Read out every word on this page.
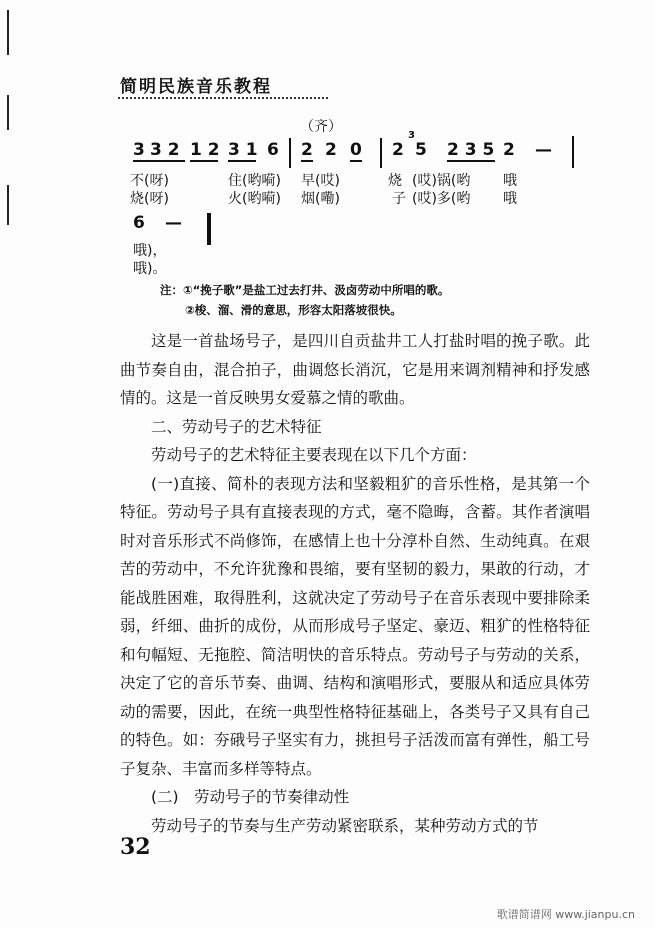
简明民族音乐教程
（齐）
3 3 2 1 2 3 1 6 2 2 0 2
3
5 2 3 5 2 —
不(呀)	住(哟嗬) 早(哎)	烧 (哎)锅(哟 哦
烧(呀)	火(哟嗬) 烟(嘞)	子 (哎)多(哟 哦
6 —
哦)，
哦)。
注：①“挽子歌”是盐工过去打井、汲卤劳动中所唱的歌。
②梭、溜、滑的意思，形容太阳落坡很快。

这是一首盐场号子，是四川自贡盐井工人打盐时唱的挽子歌。此曲节奏自由，混合拍子，曲调悠长消沉，它是用来调剂精神和抒发感情的。这是一首反映男女爱慕之情的歌曲。

二、劳动号子的艺术特征

劳动号子的艺术特征主要表现在以下几个方面：

(一)直接、简朴的表现方法和坚毅粗犷的音乐性格，是其第一个特征。劳动号子具有直接表现的方式，毫不隐晦，含蓄。其作者演唱时对音乐形式不尚修饰，在感情上也十分淳朴自然、生动纯真。在艰苦的劳动中，不允许犹豫和畏缩，要有坚韧的毅力，果敢的行动，才能战胜困难，取得胜利，这就决定了劳动号子在音乐表现中要排除柔弱，纤细、曲折的成份，从而形成号子坚定、豪迈、粗犷的性格特征和句幅短、无拖腔、简洁明快的音乐特点。劳动号子与劳动的关系，决定了它的音乐节奏、曲调、结构和演唱形式，要服从和适应具体劳动的需要，因此，在统一典型性格特征基础上，各类号子又具有自己的特色。如：夯硪号子坚实有力，挑担号子活泼而富有弹性，船工号子复杂、丰富而多样等特点。

(二)　劳动号子的节奏律动性

劳动号子的节奏与生产劳动紧密联系，某种劳动方式的节

32
歌谱简谱网 www.jianpu.cn
